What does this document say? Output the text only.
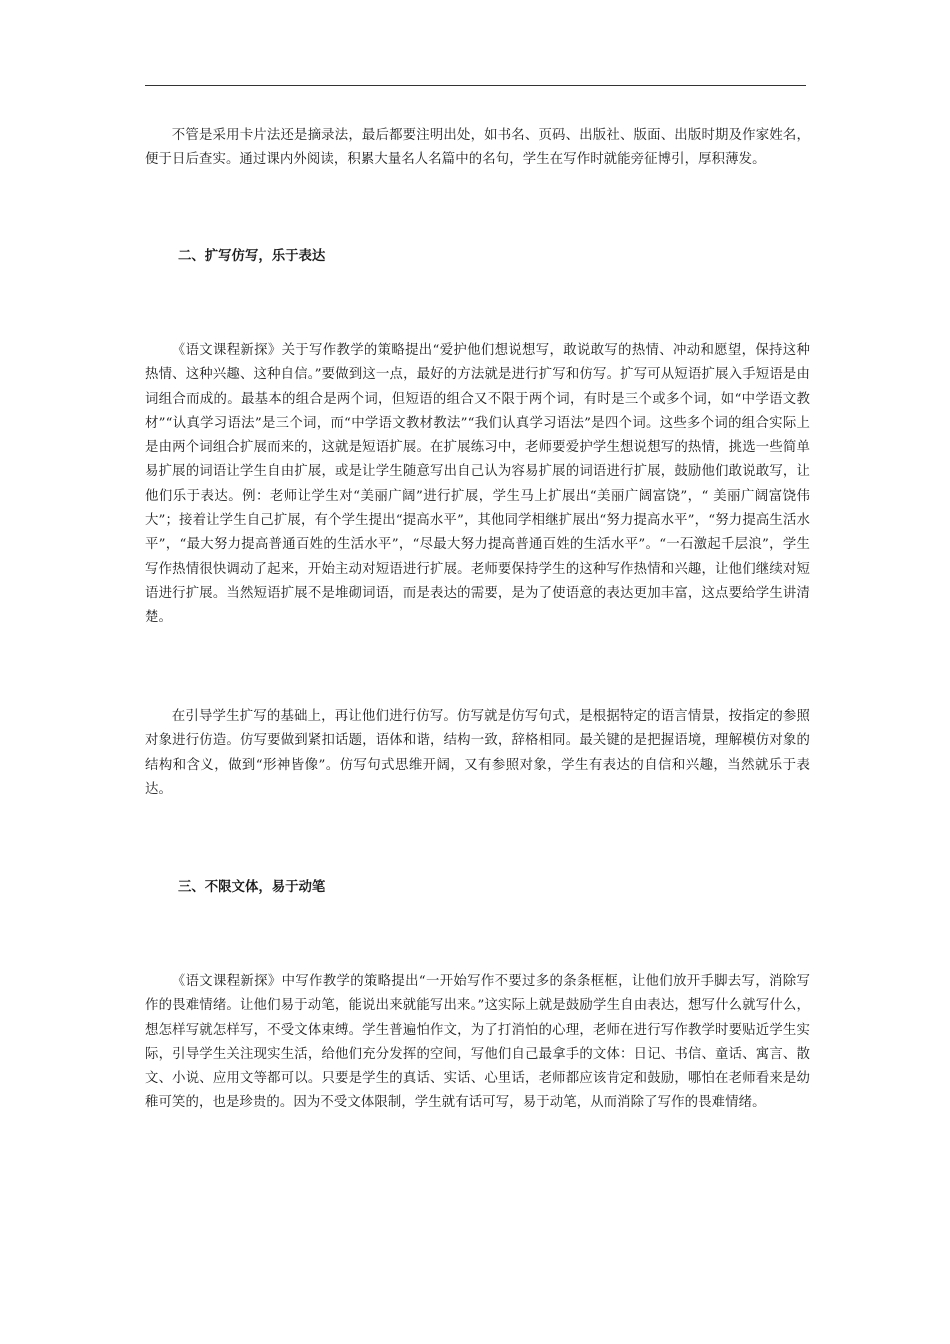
不管是采用卡片法还是摘录法，最后都要注明出处，如书名、页码、出版社、版面、出版时期及作家姓名，便于日后查实。通过课内外阅读，积累大量名人名篇中的名句，学生在写作时就能旁征博引，厚积薄发。

二、扩写仿写，乐于表达

《语文课程新探》关于写作教学的策略提出“爱护他们想说想写，敢说敢写的热情、冲动和愿望，保持这种热情、这种兴趣、这种自信。”要做到这一点，最好的方法就是进行扩写和仿写。扩写可从短语扩展入手短语是由词组合而成的。最基本的组合是两个词，但短语的组合又不限于两个词，有时是三个或多个词，如“中学语文教材”“认真学习语法”是三个词，而“中学语文教材教法”“我们认真学习语法”是四个词。这些多个词的组合实际上是由两个词组合扩展而来的，这就是短语扩展。在扩展练习中，老师要爱护学生想说想写的热情，挑选一些简单易扩展的词语让学生自由扩展，或是让学生随意写出自己认为容易扩展的词语进行扩展，鼓励他们敢说敢写，让他们乐于表达。例：老师让学生对“美丽广阔”进行扩展，学生马上扩展出“美丽广阔富饶”，“ 美丽广阔富饶伟大”；接着让学生自己扩展，有个学生提出“提高水平”，其他同学相继扩展出“努力提高水平”，“努力提高生活水平”，“最大努力提高普通百姓的生活水平”，“尽最大努力提高普通百姓的生活水平”。“一石激起千层浪”，学生写作热情很快调动了起来，开始主动对短语进行扩展。老师要保持学生的这种写作热情和兴趣，让他们继续对短语进行扩展。当然短语扩展不是堆砌词语，而是表达的需要，是为了使语意的表达更加丰富，这点要给学生讲清楚。

在引导学生扩写的基础上，再让他们进行仿写。仿写就是仿写句式，是根据特定的语言情景，按指定的参照对象进行仿造。仿写要做到紧扣话题，语体和谐，结构一致，辞格相同。最关键的是把握语境，理解模仿对象的结构和含义，做到“形神皆像”。仿写句式思维开阔，又有参照对象，学生有表达的自信和兴趣，当然就乐于表达。

三、不限文体，易于动笔

《语文课程新探》中写作教学的策略提出“一开始写作不要过多的条条框框，让他们放开手脚去写，消除写作的畏难情绪。让他们易于动笔，能说出来就能写出来。”这实际上就是鼓励学生自由表达，想写什么就写什么，想怎样写就怎样写，不受文体束缚。学生普遍怕作文，为了打消怕的心理，老师在进行写作教学时要贴近学生实际，引导学生关注现实生活，给他们充分发挥的空间，写他们自己最拿手的文体：日记、书信、童话、寓言、散文、小说、应用文等都可以。只要是学生的真话、实话、心里话，老师都应该肯定和鼓励，哪怕在老师看来是幼稚可笑的，也是珍贵的。因为不受文体限制，学生就有话可写，易于动笔，从而消除了写作的畏难情绪。
